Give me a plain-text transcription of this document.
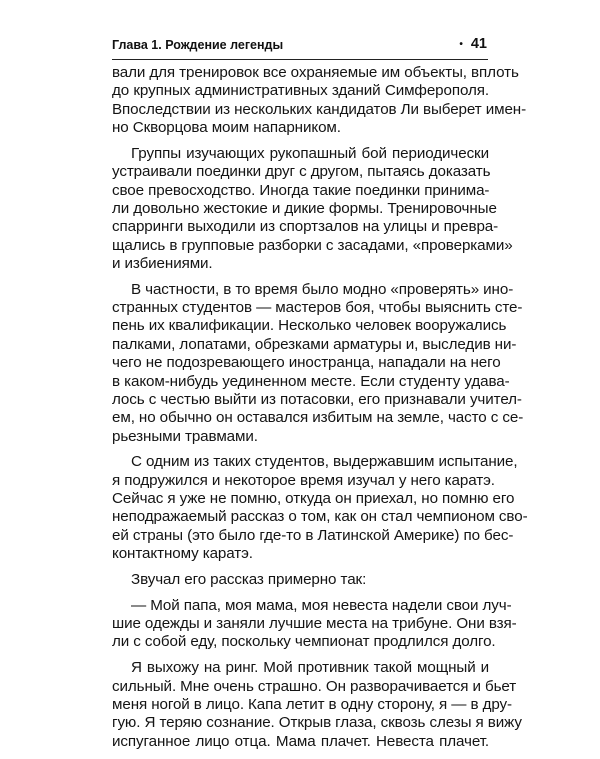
Глава 1. Рождение легенды	• 41
вали для тренировок все охраняемые им объекты, вплоть
до крупных административных зданий Симферополя.
Впоследствии из нескольких кандидатов Ли выберет имен-
но Скворцова моим напарником.
Группы изучающих рукопашный бой периодически
устраивали поединки друг с другом, пытаясь доказать
свое превосходство. Иногда такие поединки принима-
ли довольно жестокие и дикие формы. Тренировочные
спарринги выходили из спортзалов на улицы и превра-
щались в групповые разборки с засадами, «проверками»
и избиениями.
В частности, в то время было модно «проверять» ино-
странных студентов — мастеров боя, чтобы выяснить сте-
пень их квалификации. Несколько человек вооружались
палками, лопатами, обрезками арматуры и, выследив ни-
чего не подозревающего иностранца, нападали на него
в каком-нибудь уединенном месте. Если студенту удава-
лось с честью выйти из потасовки, его признавали учител-
ем, но обычно он оставался избитым на земле, часто с се-
рьезными травмами.
С одним из таких студентов, выдержавшим испытание,
я подружился и некоторое время изучал у него каратэ.
Сейчас я уже не помню, откуда он приехал, но помню его
неподражаемый рассказ о том, как он стал чемпионом сво-
ей страны (это было где-то в Латинской Америке) по бес-
контактному каратэ.
Звучал его рассказ примерно так:
— Мой папа, моя мама, моя невеста надели свои луч-
шие одежды и заняли лучшие места на трибуне. Они взя-
ли с собой еду, поскольку чемпионат продлился долго.
Я выхожу на ринг. Мой противник такой мощный и
сильный. Мне очень страшно. Он разворачивается и бьет
меня ногой в лицо. Капа летит в одну сторону, я — в дру-
гую. Я теряю сознание. Открыв глаза, сквозь слезы я вижу
испуганное лицо отца. Мама плачет. Невеста плачет.
